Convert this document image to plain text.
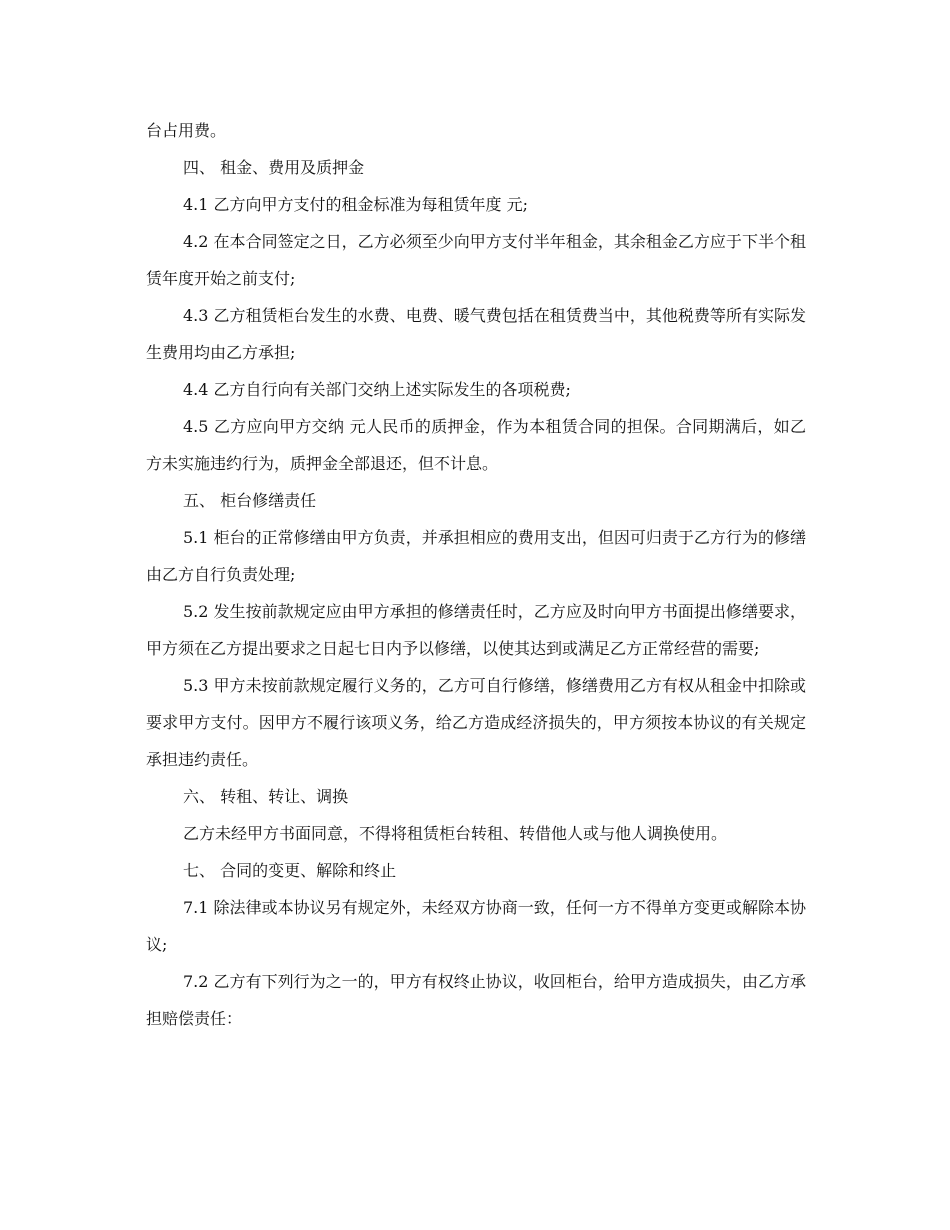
台占用费。

四、 租金、费用及质押金

4.1 乙方向甲方支付的租金标准为每租赁年度 元;

4.2 在本合同签定之日，乙方必须至少向甲方支付半年租金，其余租金乙方应于下半个租赁年度开始之前支付;

4.3 乙方租赁柜台发生的水费、电费、暖气费包括在租赁费当中，其他税费等所有实际发生费用均由乙方承担;

4.4 乙方自行向有关部门交纳上述实际发生的各项税费;

4.5 乙方应向甲方交纳 元人民币的质押金，作为本租赁合同的担保。合同期满后，如乙方未实施违约行为，质押金全部退还，但不计息。

五、 柜台修缮责任

5.1 柜台的正常修缮由甲方负责，并承担相应的费用支出，但因可归责于乙方行为的修缮由乙方自行负责处理;

5.2 发生按前款规定应由甲方承担的修缮责任时，乙方应及时向甲方书面提出修缮要求，甲方须在乙方提出要求之日起七日内予以修缮，以使其达到或满足乙方正常经营的需要;

5.3 甲方未按前款规定履行义务的，乙方可自行修缮，修缮费用乙方有权从租金中扣除或要求甲方支付。因甲方不履行该项义务，给乙方造成经济损失的，甲方须按本协议的有关规定承担违约责任。

六、 转租、转让、调换

乙方未经甲方书面同意，不得将租赁柜台转租、转借他人或与他人调换使用。

七、 合同的变更、解除和终止

7.1 除法律或本协议另有规定外，未经双方协商一致，任何一方不得单方变更或解除本协议;

7.2 乙方有下列行为之一的，甲方有权终止协议，收回柜台，给甲方造成损失，由乙方承担赔偿责任：
